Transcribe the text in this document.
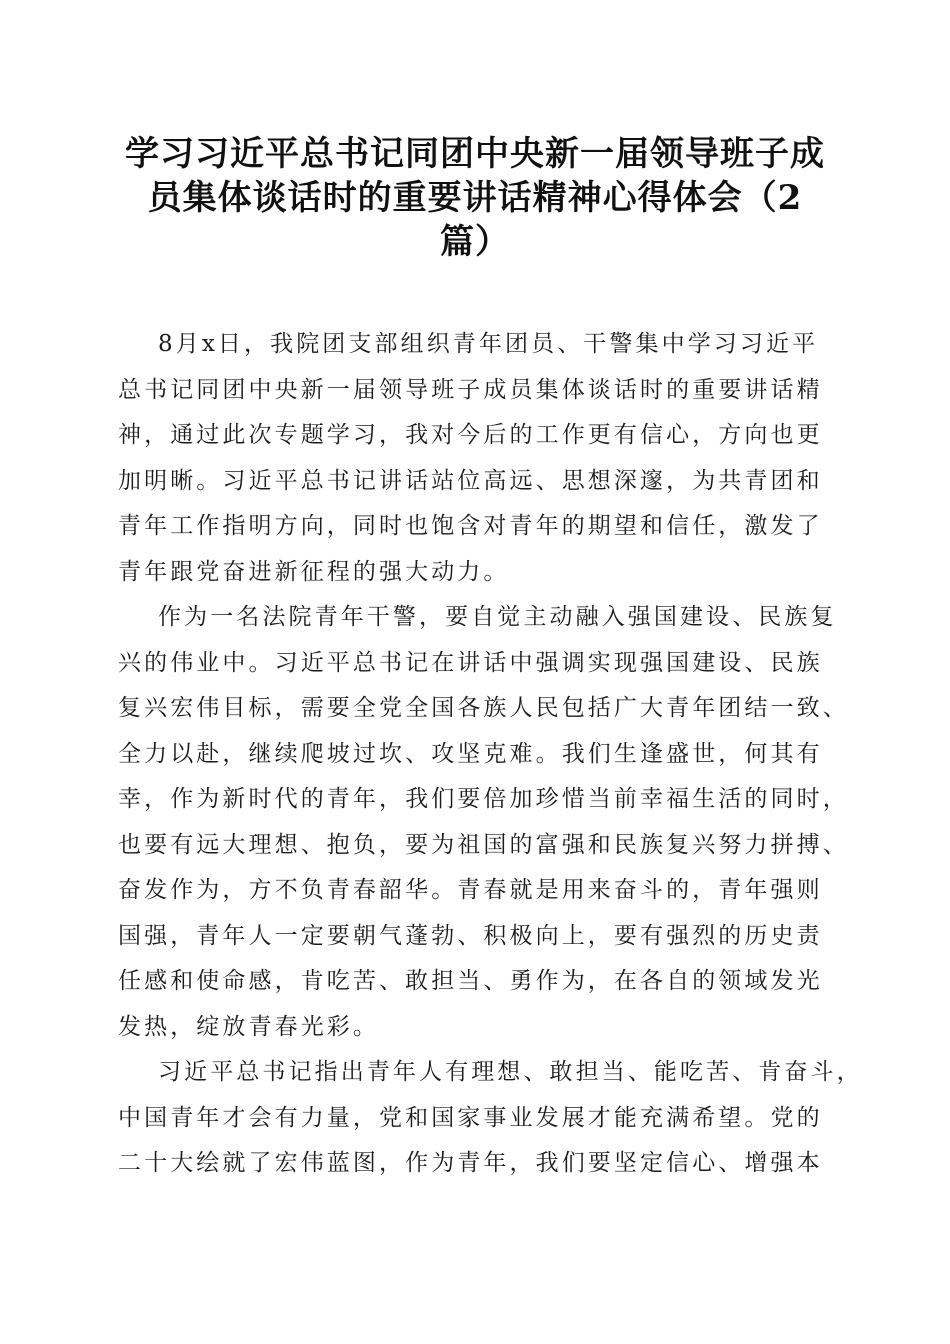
学习习近平总书记同团中央新一届领导班子成
员集体谈话时的重要讲话精神心得体会（2
篇）
8月x日，我院团支部组织青年团员、干警集中学习习近平
总书记同团中央新一届领导班子成员集体谈话时的重要讲话精
神，通过此次专题学习，我对今后的工作更有信心，方向也更
加明晰。习近平总书记讲话站位高远、思想深邃，为共青团和
青年工作指明方向，同时也饱含对青年的期望和信任，激发了
青年跟党奋进新征程的强大动力。
作为一名法院青年干警，要自觉主动融入强国建设、民族复
兴的伟业中。习近平总书记在讲话中强调实现强国建设、民族
复兴宏伟目标，需要全党全国各族人民包括广大青年团结一致、
全力以赴，继续爬坡过坎、攻坚克难。我们生逢盛世，何其有
幸，作为新时代的青年，我们要倍加珍惜当前幸福生活的同时，
也要有远大理想、抱负，要为祖国的富强和民族复兴努力拼搏、
奋发作为，方不负青春韶华。青春就是用来奋斗的，青年强则
国强，青年人一定要朝气蓬勃、积极向上，要有强烈的历史责
任感和使命感，肯吃苦、敢担当、勇作为，在各自的领域发光
发热，绽放青春光彩。
习近平总书记指出青年人有理想、敢担当、能吃苦、肯奋斗，
中国青年才会有力量，党和国家事业发展才能充满希望。党的
二十大绘就了宏伟蓝图，作为青年，我们要坚定信心、增强本
